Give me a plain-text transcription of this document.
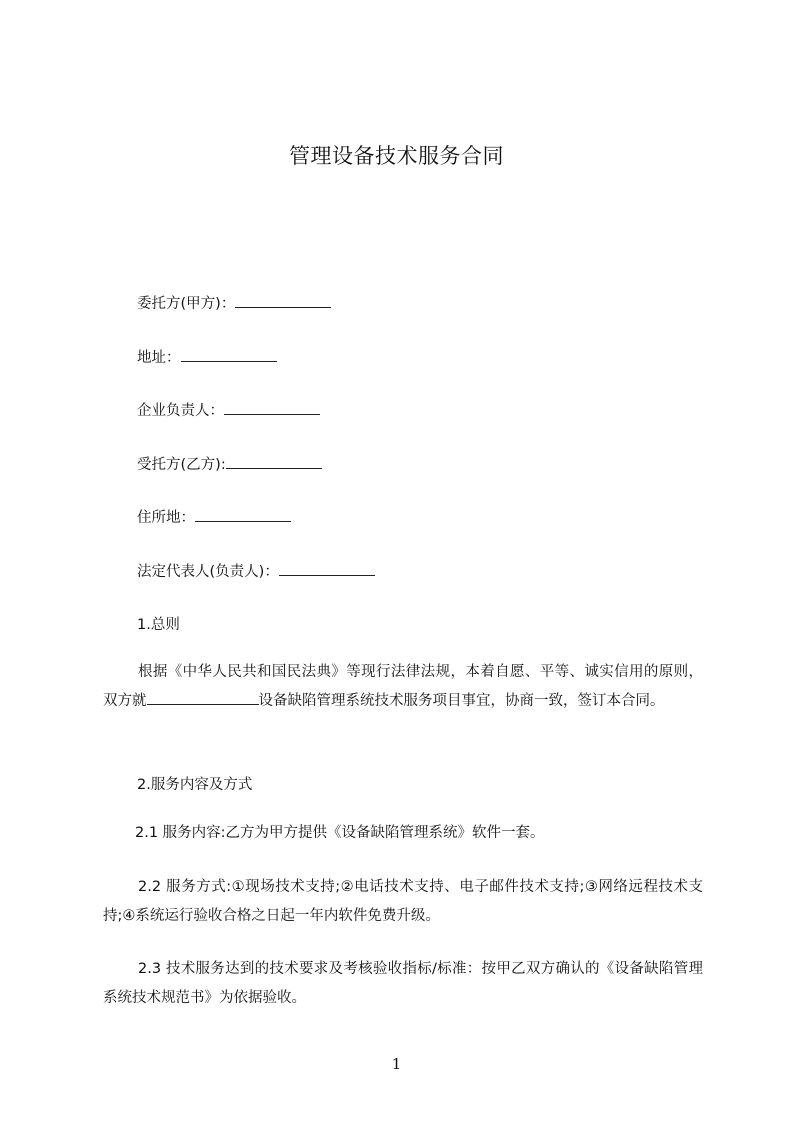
管理设备技术服务合同
委托方(甲方)：
地址：
企业负责人：
受托方(乙方):
住所地：
法定代表人(负责人)：
1.总则
根据《中华人民共和国民法典》等现行法律法规，本着自愿、平等、诚实信用的原则，双方就	设备缺陷管理系统技术服务项目事宜，协商一致，签订本合同。
2.服务内容及方式
2.1 服务内容:乙方为甲方提供《设备缺陷管理系统》软件一套。
2.2 服务方式:①现场技术支持;②电话技术支持、电子邮件技术支持;③网络远程技术支持;④系统运行验收合格之日起一年内软件免费升级。
2.3 技术服务达到的技术要求及考核验收指标/标准：按甲乙双方确认的《设备缺陷管理系统技术规范书》为依据验收。
1
